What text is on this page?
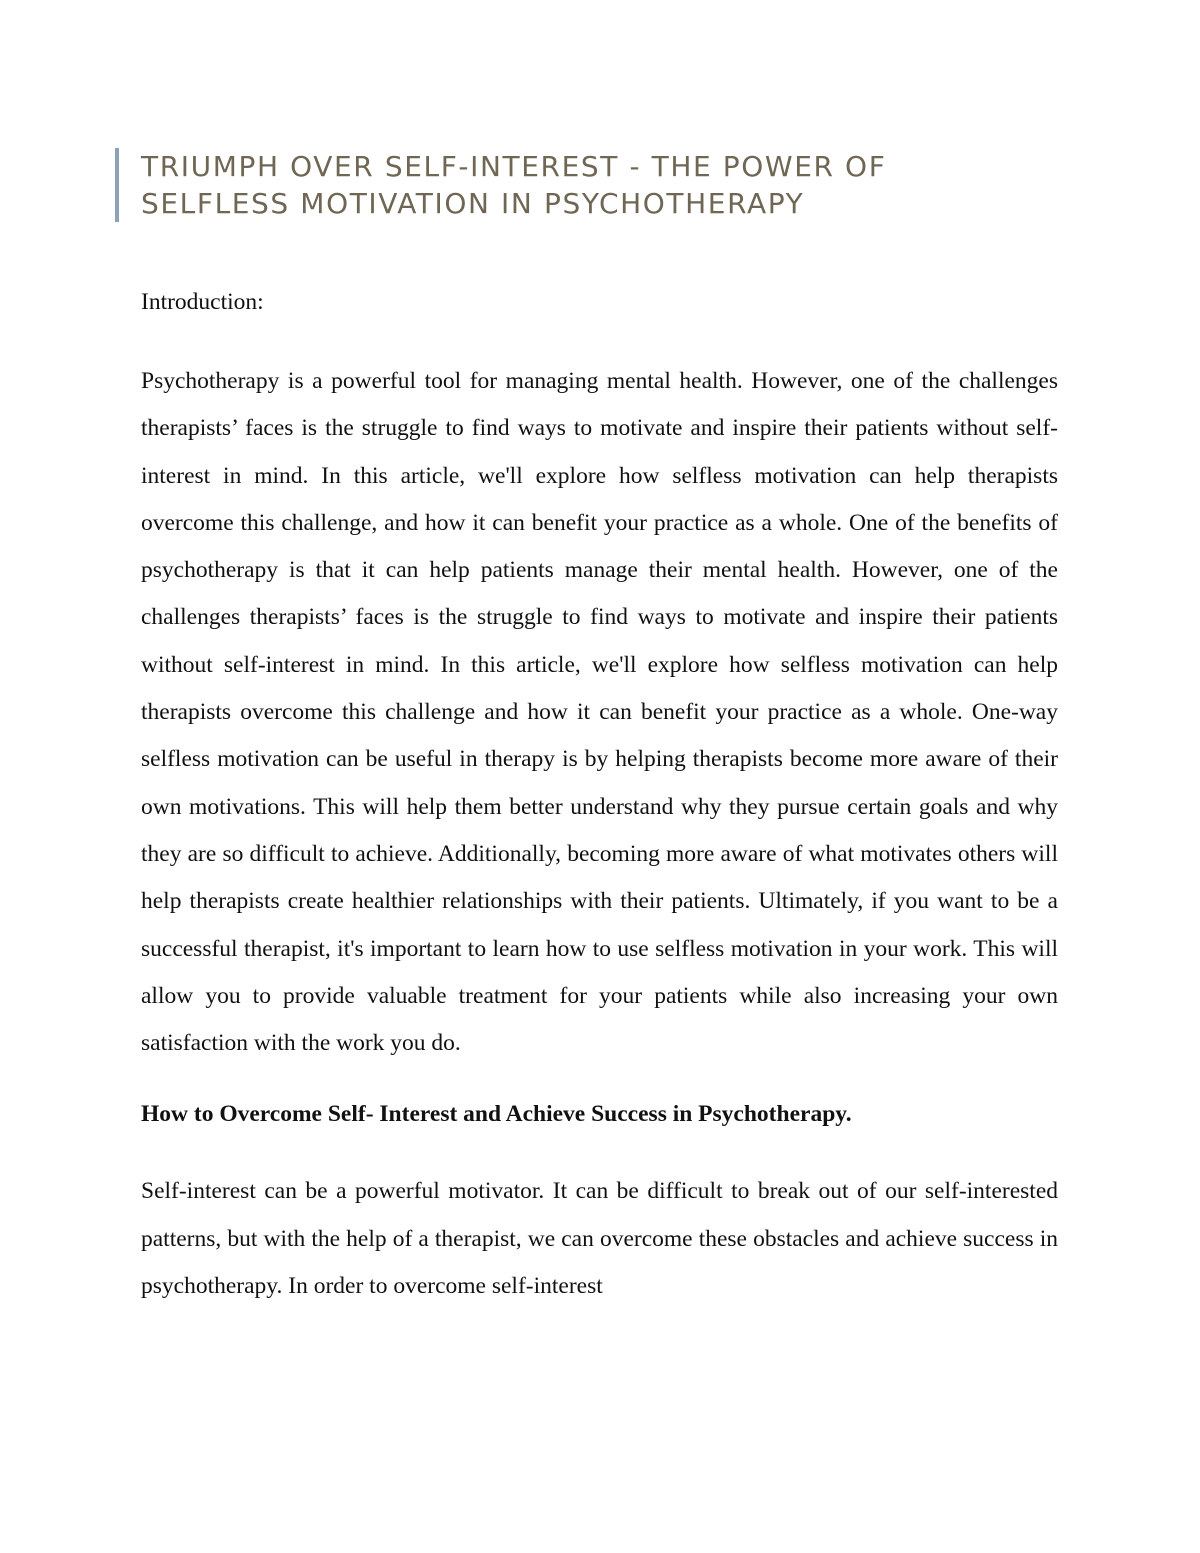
TRIUMPH OVER SELF-INTEREST - THE POWER OF SELFLESS MOTIVATION IN PSYCHOTHERAPY

Introduction:

Psychotherapy is a powerful tool for managing mental health. However, one of the challenges therapists’ faces is the struggle to find ways to motivate and inspire their patients without self-interest in mind. In this article, we'll explore how selfless motivation can help therapists overcome this challenge, and how it can benefit your practice as a whole. One of the benefits of psychotherapy is that it can help patients manage their mental health. However, one of the challenges therapists’ faces is the struggle to find ways to motivate and inspire their patients without self-interest in mind. In this article, we'll explore how selfless motivation can help therapists overcome this challenge and how it can benefit your practice as a whole. One-way selfless motivation can be useful in therapy is by helping therapists become more aware of their own motivations. This will help them better understand why they pursue certain goals and why they are so difficult to achieve. Additionally, becoming more aware of what motivates others will help therapists create healthier relationships with their patients. Ultimately, if you want to be a successful therapist, it's important to learn how to use selfless motivation in your work. This will allow you to provide valuable treatment for your patients while also increasing your own satisfaction with the work you do.

How to Overcome Self- Interest and Achieve Success in Psychotherapy.

Self-interest can be a powerful motivator. It can be difficult to break out of our self-interested patterns, but with the help of a therapist, we can overcome these obstacles and achieve success in psychotherapy. In order to overcome self-interest
